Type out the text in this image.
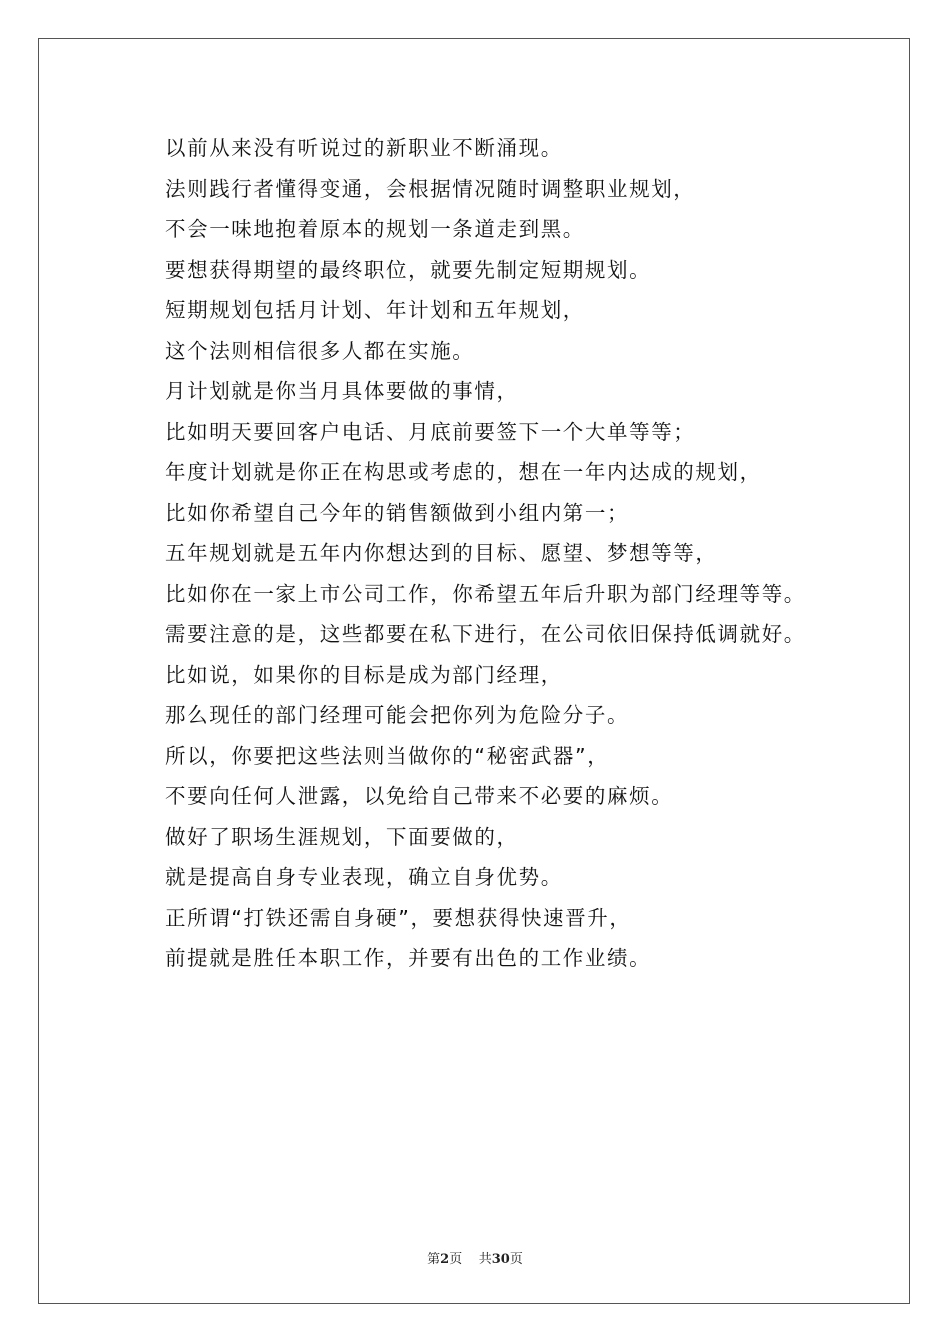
以前从来没有听说过的新职业不断涌现。
法则践行者懂得变通，会根据情况随时调整职业规划，
不会一味地抱着原本的规划一条道走到黑。
要想获得期望的最终职位，就要先制定短期规划。
短期规划包括月计划、年计划和五年规划，
这个法则相信很多人都在实施。
月计划就是你当月具体要做的事情，
比如明天要回客户电话、月底前要签下一个大单等等；
年度计划就是你正在构思或考虑的，想在一年内达成的规划，
比如你希望自己今年的销售额做到小组内第一；
五年规划就是五年内你想达到的目标、愿望、梦想等等，
比如你在一家上市公司工作，你希望五年后升职为部门经理等等。
需要注意的是，这些都要在私下进行，在公司依旧保持低调就好。
比如说，如果你的目标是成为部门经理，
那么现任的部门经理可能会把你列为危险分子。
所以，你要把这些法则当做你的“秘密武器”，
不要向任何人泄露，以免给自己带来不必要的麻烦。
做好了职场生涯规划，下面要做的，
就是提高自身专业表现，确立自身优势。
正所谓“打铁还需自身硬”，要想获得快速晋升，
前提就是胜任本职工作，并要有出色的工作业绩。
第2页    共30页
